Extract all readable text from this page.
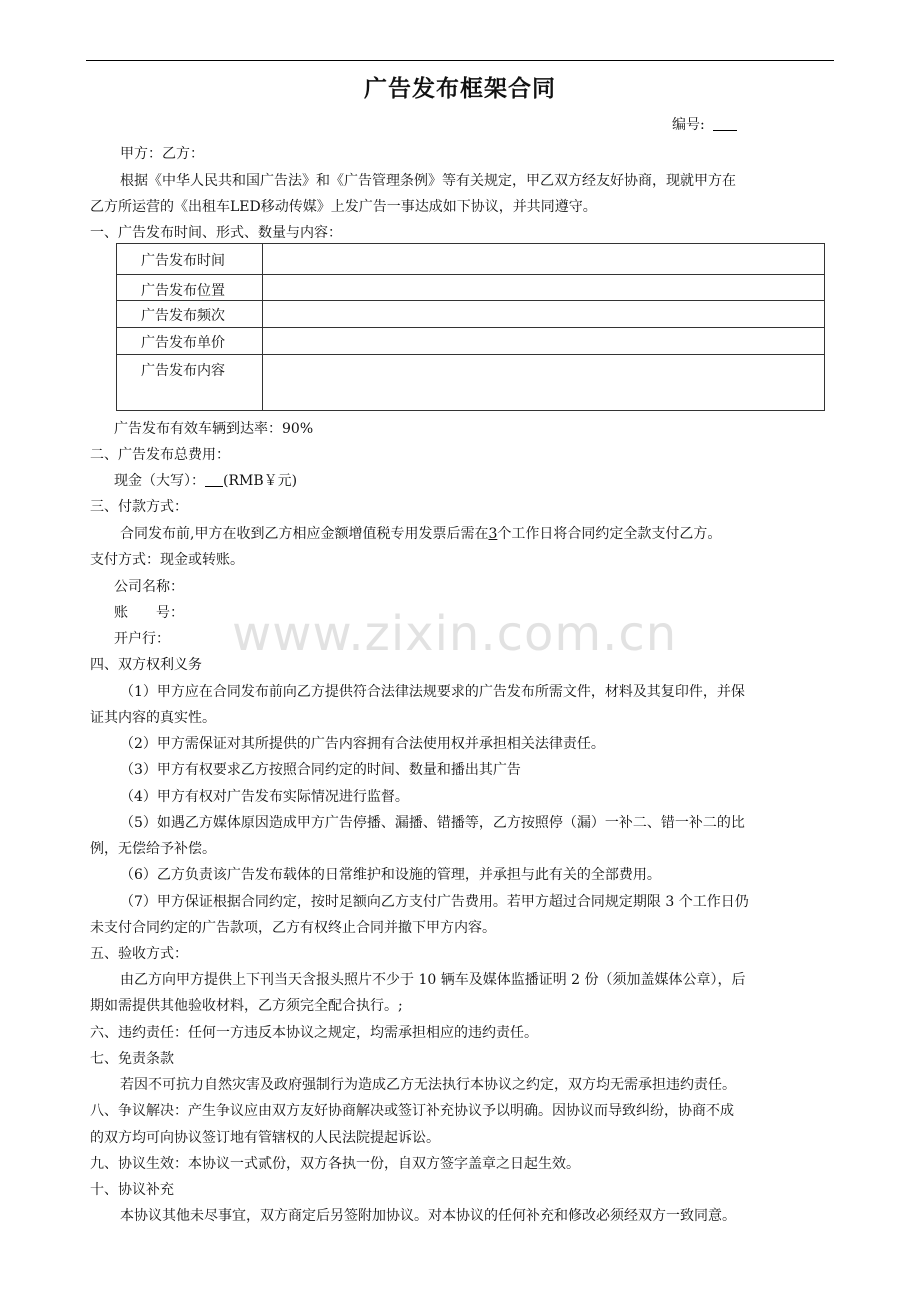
广告发布框架合同
编号:
甲方：乙方：
根据《中华人民共和国广告法》和《广告管理条例》等有关规定，甲乙双方经友好协商，现就甲方在
乙方所运营的《出租车LED移动传媒》上发广告一事达成如下协议，并共同遵守。
一、广告发布时间、形式、数量与内容：
广告发布时间	
广告发布位置	
广告发布频次	
广告发布单价	
广告发布内容	
广告发布有效车辆到达率：90%
二、广告发布总费用：
现金（大写）： (RMB￥元)
三、付款方式：
合同发布前,甲方在收到乙方相应金额增值税专用发票后需在3个工作日将合同约定全款支付乙方。
支付方式：现金或转账。
公司名称：
账　　号：
开户行：
四、双方权利义务
（1）甲方应在合同发布前向乙方提供符合法律法规要求的广告发布所需文件，材料及其复印件，并保
证其内容的真实性。
（2）甲方需保证对其所提供的广告内容拥有合法使用权并承担相关法律责任。
（3）甲方有权要求乙方按照合同约定的时间、数量和播出其广告
（4）甲方有权对广告发布实际情况进行监督。
（5）如遇乙方媒体原因造成甲方广告停播、漏播、错播等，乙方按照停（漏）一补二、错一补二的比
例，无偿给予补偿。
（6）乙方负责该广告发布载体的日常维护和设施的管理，并承担与此有关的全部费用。
（7）甲方保证根据合同约定，按时足额向乙方支付广告费用。若甲方超过合同规定期限 3 个工作日仍
未支付合同约定的广告款项，乙方有权终止合同并撤下甲方内容。
五、验收方式：
由乙方向甲方提供上下刊当天含报头照片不少于 10 辆车及媒体监播证明 2 份（须加盖媒体公章），后
期如需提供其他验收材料，乙方须完全配合执行。;
六、违约责任：任何一方违反本协议之规定，均需承担相应的违约责任。
七、免责条款
若因不可抗力自然灾害及政府强制行为造成乙方无法执行本协议之约定，双方均无需承担违约责任。
八、争议解决：产生争议应由双方友好协商解决或签订补充协议予以明确。因协议而导致纠纷，协商不成
的双方均可向协议签订地有管辖权的人民法院提起诉讼。
九、协议生效：本协议一式贰份，双方各执一份，自双方签字盖章之日起生效。
十、协议补充
本协议其他未尽事宜，双方商定后另签附加协议。对本协议的任何补充和修改必须经双方一致同意。
www.zixin.com.cn
